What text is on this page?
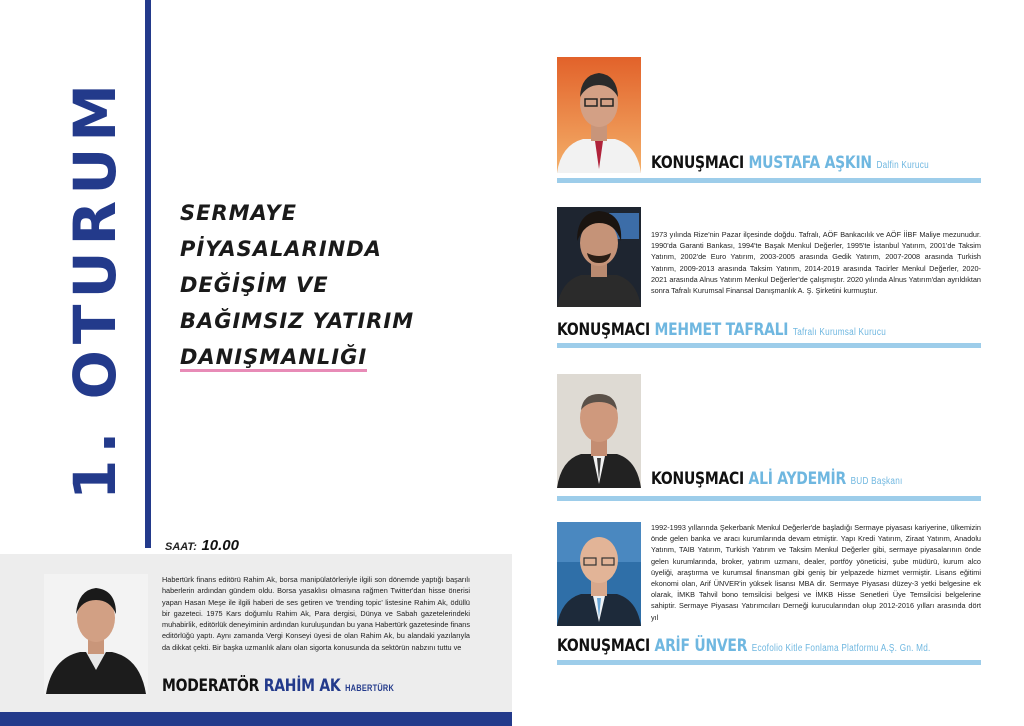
1. OTURUM SERMAYE
PİYASALARINDA
DEĞİŞİM VE
BAĞIMSIZ YATIRIM
DANIŞMANLIĞI
SAAT: 10.00
Habertürk finans editörü Rahim Ak, borsa manipülatörleriyle ilgili son dönemde yaptığı başarılı haberlerin ardından gündem oldu. Borsa yasaklısı olmasına rağmen Twitter'dan hisse önerisi yapan Hasan Meşe ile ilgili haberi de ses getiren ve 'trending topic' listesine Rahim Ak, ödüllü bir gazeteci. 1975 Kars doğumlu Rahim Ak, Para dergisi, Dünya ve Sabah gazetelerindeki muhabirlik, editörlük deneyiminin ardından kuruluşundan bu yana Habertürk gazetesinde finans editörlüğü yaptı. Aynı zamanda Vergi Konseyi üyesi de olan Rahim Ak, bu alandaki yazılarıyla da dikkat çekti. Bir başka uzmanlık alanı olan sigorta konusunda da sektörün nabzını tuttu ve
MODERATÖR RAHİM AK HABERTÜRK
KONUŞMACI MUSTAFA AŞKIN Dalfin Kurucu
1973 yılında Rize'nin Pazar ilçesinde doğdu. Tafralı, AÖF Bankacılık ve AÖF İİBF Maliye mezunudur. 1990'da Garanti Bankası, 1994'te Başak Menkul Değerler, 1995'te İstanbul Yatırım, 2001'de Taksim Yatırım, 2002'de Euro Yatırım, 2003-2005 arasında Gedik Yatırım, 2007-2008 arasında Turkish Yatırım, 2009-2013 arasında Taksim Yatırım, 2014-2019 arasında Tacirler Menkul Değerler, 2020-2021 arasında Alnus Yatırım Menkul Değerler'de çalışmıştır. 2020 yılında Alnus Yatırım'dan ayrıldıktan sonra Tafralı Kurumsal Finansal Danışmanlık A. Ş. Şirketini kurmuştur.
KONUŞMACI MEHMET TAFRALI Tafralı Kurumsal Kurucu
KONUŞMACI ALİ AYDEMİR BUD Başkanı
1992-1993 yıllarında Şekerbank Menkul Değerler'de başladığı Sermaye piyasası kariyerine, ülkemizin önde gelen banka ve aracı kurumlarında devam etmiştir. Yapı Kredi Yatırım, Ziraat Yatırım, Anadolu Yatırım, TAIB Yatırım, Turkish Yatırım ve Taksim Menkul Değerler gibi, sermaye piyasalarının önde gelen kurumlarında, broker, yatırım uzmanı, dealer, portföy yöneticisi, şube müdürü, kurum alco üyeliği, araştırma ve kurumsal finansman gibi geniş bir yelpazede hizmet vermiştir. Lisans eğitimi ekonomi olan, Arif ÜNVER'in yüksek lisansı MBA dir. Sermaye Piyasası düzey-3 yetki belgesine ek olarak, İMKB Tahvil bono temsilcisi belgesi ve İMKB Hisse Senetleri Üye Temsilcisi belgelerine sahiptir. Sermaye Piyasası Yatırımcıları Derneği kurucularından olup 2012-2016 yılları arasında dört yıl
KONUŞMACI ARİF ÜNVER Ecofolio Kitle Fonlama Platformu A.Ş. Gn. Md.
